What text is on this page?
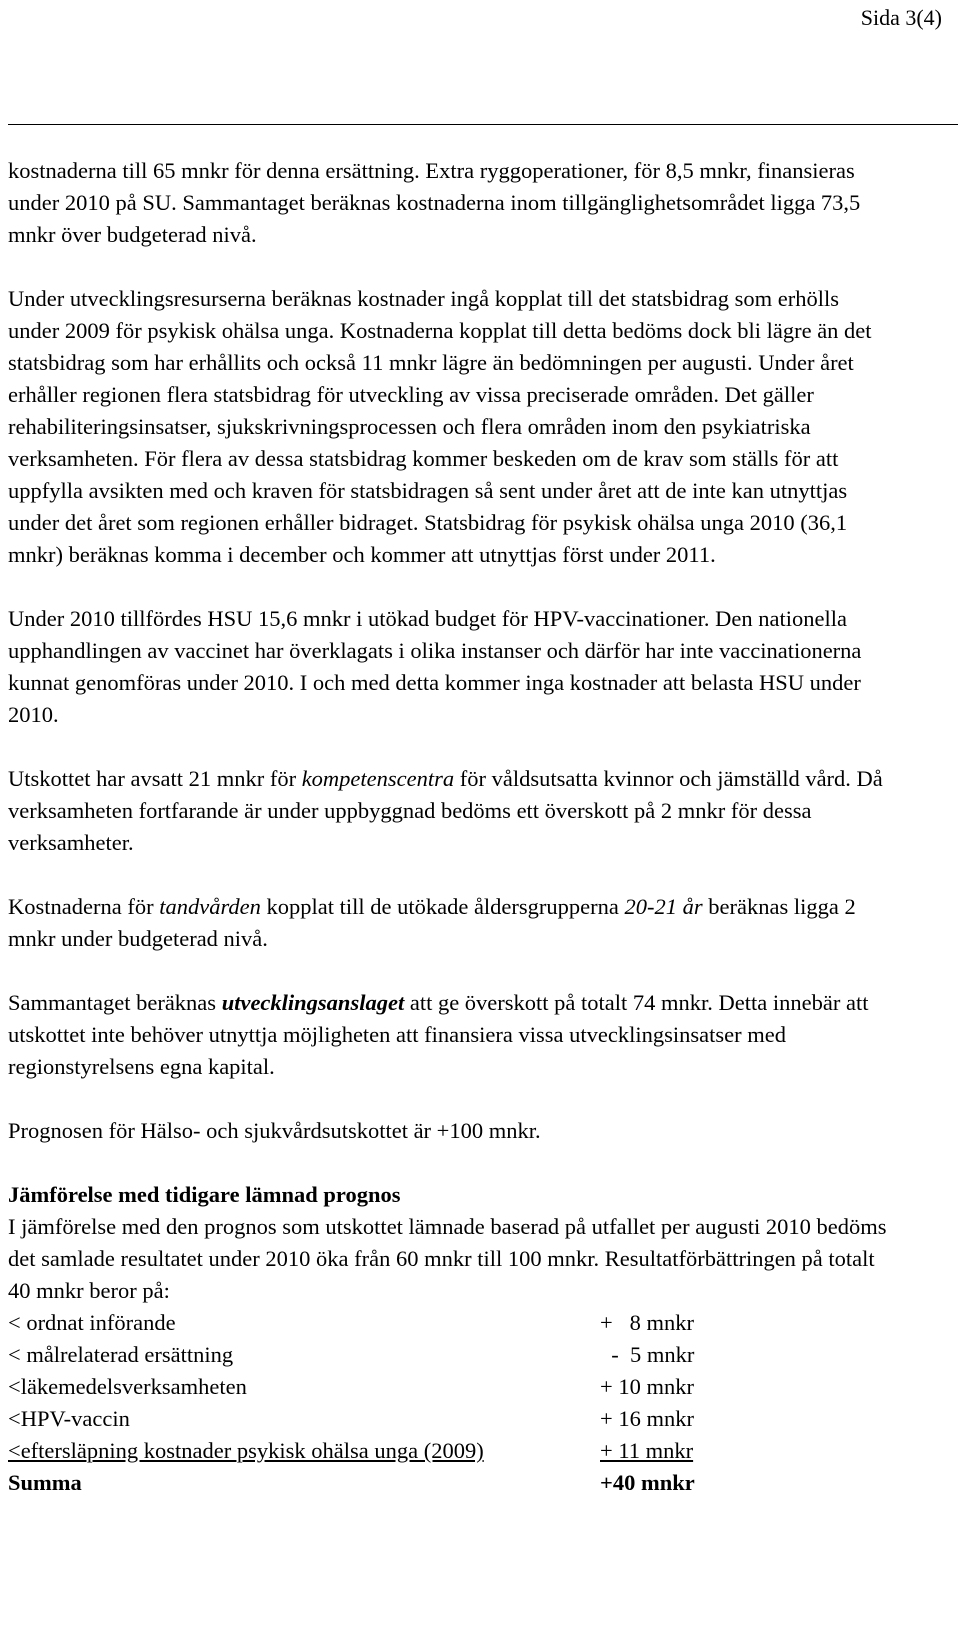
Sida 3(4)

kostnaderna till 65 mnkr för denna ersättning. Extra ryggoperationer, för 8,5 mnkr, finansieras under 2010 på SU. Sammantaget beräknas kostnaderna inom tillgänglighetsområdet ligga 73,5 mnkr över budgeterad nivå.

Under utvecklingsresurserna beräknas kostnader ingå kopplat till det statsbidrag som erhölls under 2009 för psykisk ohälsa unga. Kostnaderna kopplat till detta bedöms dock bli lägre än det statsbidrag som har erhållits och också 11 mnkr lägre än bedömningen per augusti. Under året erhåller regionen flera statsbidrag för utveckling av vissa preciserade områden. Det gäller rehabiliteringsinsatser, sjukskrivningsprocessen och flera områden inom den psykiatriska verksamheten. För flera av dessa statsbidrag kommer beskeden om de krav som ställs för att uppfylla avsikten med och kraven för statsbidragen så sent under året att de inte kan utnyttjas under det året som regionen erhåller bidraget. Statsbidrag för psykisk ohälsa unga 2010 (36,1 mnkr) beräknas komma i december och kommer att utnyttjas först under 2011.

Under 2010 tillfördes HSU 15,6 mnkr i utökad budget för HPV-vaccinationer. Den nationella upphandlingen av vaccinet har överklagats i olika instanser och därför har inte vaccinationerna kunnat genomföras under 2010. I och med detta kommer inga kostnader att belasta HSU under 2010.

Utskottet har avsatt 21 mnkr för kompetenscentra för våldsutsatta kvinnor och jämställd vård. Då verksamheten fortfarande är under uppbyggnad bedöms ett överskott på 2 mnkr för dessa verksamheter.

Kostnaderna för tandvården kopplat till de utökade åldersgrupperna 20-21 år beräknas ligga 2 mnkr under budgeterad nivå.

Sammantaget beräknas utvecklingsanslaget att ge överskott på totalt 74 mnkr. Detta innebär att utskottet inte behöver utnyttja möjligheten att finansiera vissa utvecklingsinsatser med regionstyrelsens egna kapital.

Prognosen för Hälso- och sjukvårdsutskottet är +100 mnkr.

Jämförelse med tidigare lämnad prognos

I jämförelse med den prognos som utskottet lämnade baserad på utfallet per augusti 2010 bedöms det samlade resultatet under 2010 öka från 60 mnkr till 100 mnkr. Resultatförbättringen på totalt 40 mnkr beror på:

< ordnat införande	+   8 mnkr
< målrelaterad ersättning	-  5 mnkr
<läkemedelsverksamheten	+ 10 mnkr
<HPV-vaccin	+ 16 mnkr
<eftersläpning kostnader psykisk ohälsa unga (2009)	+ 11 mnkr
Summa	+40 mnkr
